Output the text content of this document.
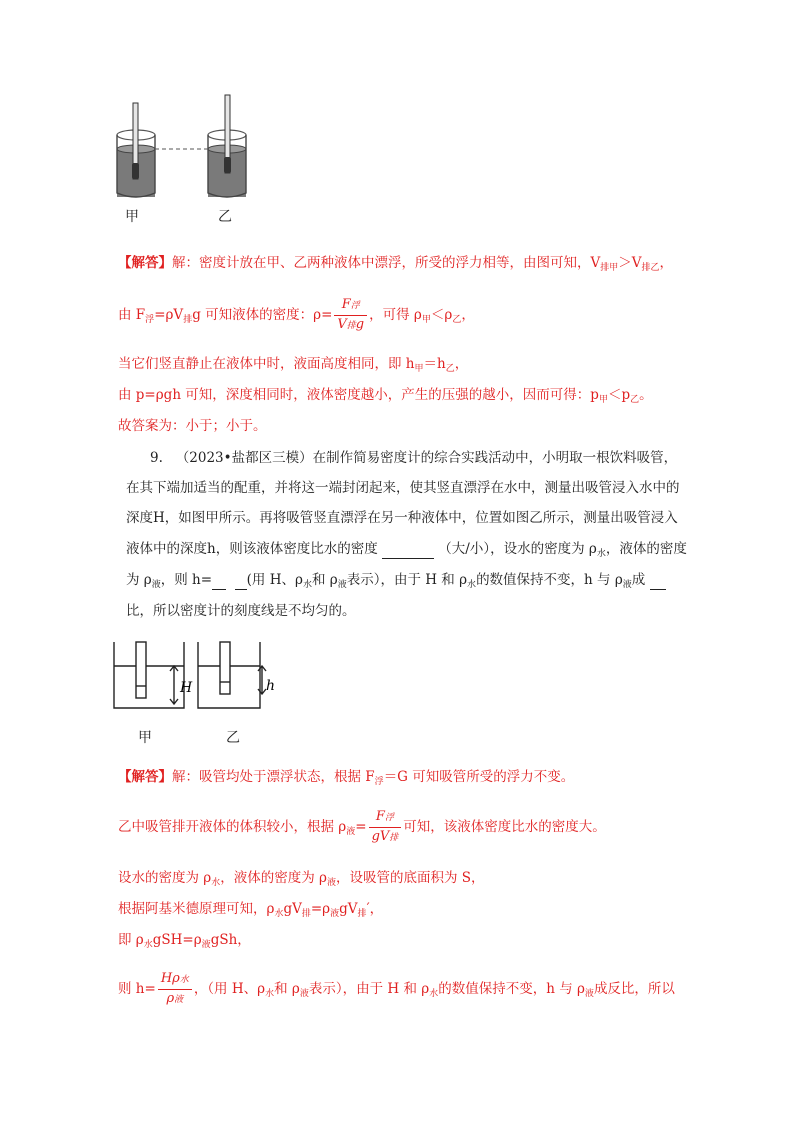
甲	乙
【解答】解：密度计放在甲、乙两种液体中漂浮，所受的浮力相等，由图可知，$V_{排甲}>V_{排乙}$，
由 $F_浮=\rho V_排g$ 可知液体的密度：$\rho= \frac{\text{F浮}}{\text{V排g}}$ ，可得 $\rho_甲<\rho_乙$，
当它们竖直静止在液体中时，液面高度相同，即 $h_甲=h_乙$，
由 p=ρgh 可知，深度相同时，液体密度越小，产生的压强的越小，因而可得：$p_甲<p_乙$。
故答案为：小于；小于。
9. （2023•盐都区三模）在制作简易密度计的综合实践活动中，小明取一根饮料吸管，
在其下端加适当的配重，并将这一端封闭起来，使其竖直漂浮在水中，测量出吸管浸入水中的
深度H，如图甲所示。再将吸管竖直漂浮在另一种液体中，位置如图乙所示，测量出吸管浸入
液体中的深度h，则该液体密度比水的密度	（大/小），设水的密度为 $\rho_水$，液体的密度
为 $\rho_液$，则 h=	(用 H、$\rho_水$和 $\rho_液$表示），由于 H 和 $\rho_水$的数值保持不变，h 与 $\rho_液$成
比，所以密度计的刻度线是不均匀的。
H	h
甲	乙
【解答】解：吸管均处于漂浮状态，根据 $F_浮=G$ 可知吸管所受的浮力不变。
乙中吸管排开液体的体积较小，根据 $\rho_液= \frac{\text{F浮}}{\text{gV排}}$ 可知，该液体密度比水的密度大。
设水的密度为 $\rho_水$，液体的密度为 $\rho_液$，设吸管的底面积为 S，
根据阿基米德原理可知，$\rho_水gV_排=\rho_液gV_排'$，
即 $\rho_水gSH=\rho_液gSh$，
则 $h= \frac{\text{Hρ水}}{\text{ρ液}}$ ，（用 H、$\rho_水$和 $\rho_液$表示），由于 H 和 $\rho_水$的数值保持不变，h 与 $\rho_液$成反比，所以
